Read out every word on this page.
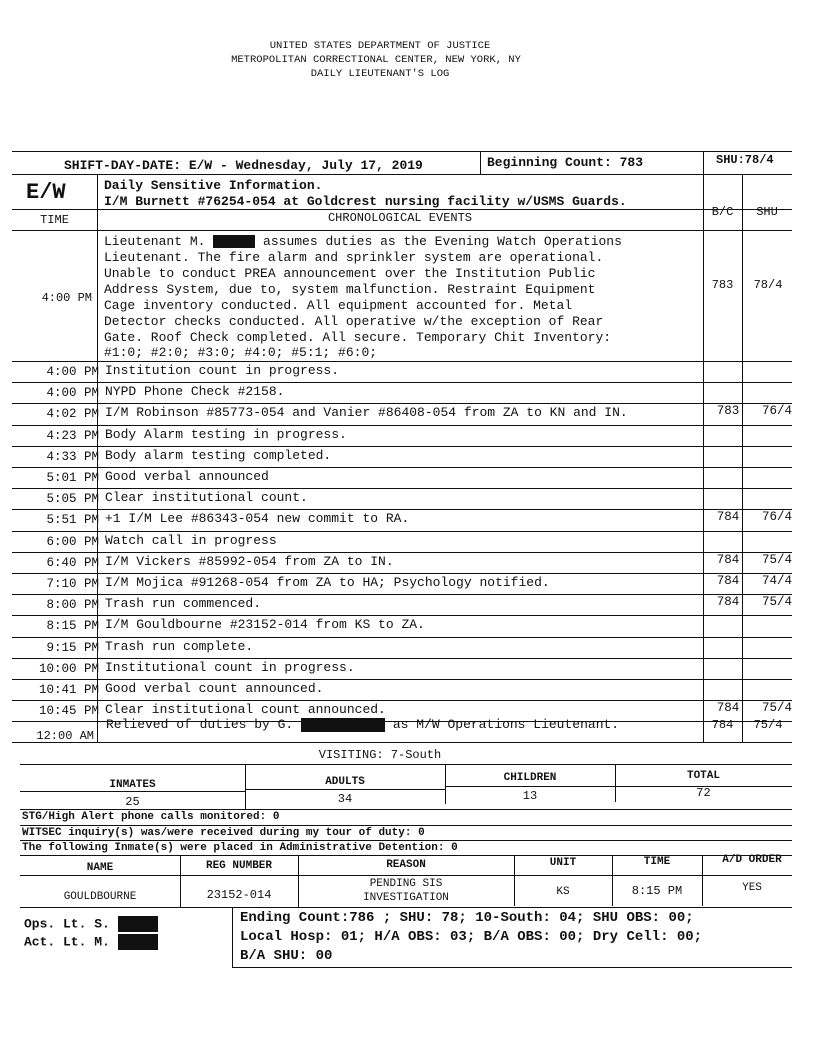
UNITED STATES DEPARTMENT OF JUSTICE
METROPOLITAN CORRECTIONAL CENTER, NEW YORK, NY
DAILY LIEUTENANT'S LOG
SHIFT-DAY-DATE: E/W - Wednesday, July 17, 2019	Beginning Count: 783	SHU:78/4
E/W	Daily Sensitive Information.
I/M Burnett #76254-054 at Goldcrest nursing facility w/USMS Guards.
TIME	CHRONOLOGICAL EVENTS	B/C	SHU
4:00 PM
Lieutenant M.	assumes duties as the Evening Watch Operations
Lieutenant. The fire alarm and sprinkler system are operational.
Unable to conduct PREA announcement over the Institution Public
Address System, due to, system malfunction. Restraint Equipment
Cage inventory conducted. All equipment accounted for. Metal
Detector checks conducted. All operative w/the exception of Rear
Gate. Roof Check completed. All secure. Temporary Chit Inventory:
#1:0; #2:0; #3:0; #4:0; #5:1; #6:0;
783	78/4
4:00 PM Institution count in progress.
4:00 PM NYPD Phone Check #2158.
4:02 PM I/M Robinson #85773-054 and Vanier #86408-054 from ZA to KN and IN.	783	76/4
4:23 PM Body Alarm testing in progress.
4:33 PM Body alarm testing completed.
5:01 PM Good verbal announced
5:05 PM Clear institutional count.
5:51 PM +1 I/M Lee #86343-054 new commit to RA.	784	76/4
6:00 PM Watch call in progress
6:40 PM I/M Vickers #85992-054 from ZA to IN.	784	75/4
7:10 PM I/M Mojica #91268-054 from ZA to HA; Psychology notified.	784	74/4
8:00 PM Trash run commenced.	784	75/4
8:15 PM I/M Gouldbourne #23152-014 from KS to ZA.
9:15 PM Trash run complete.
10:00 PM Institutional count in progress.
10:41 PM Good verbal count announced.
10:45 PM Clear institutional count announced.	784	75/4
12:00 AM
Relieved of duties by G.	as M/W Operations Lieutenant.	784	75/4
VISITING: 7-South
INMATES	ADULTS	CHILDREN	TOTAL
25	34	13	72
STG/High Alert phone calls monitored: 0
WITSEC inquiry(s) was/were received during my tour of duty: 0
The following Inmate(s) were placed in Administrative Detention: 0
NAME	REG NUMBER	REASON	UNIT	TIME	A/D ORDER
GOULDBOURNE	23152-014
PENDING SIS
INVESTIGATION	KS	8:15 PM	YES
Ops. Lt. S.
Act. Lt. M.
Ending Count:786 ; SHU: 78; 10-South: 04; SHU OBS: 00;
Local Hosp: 01; H/A OBS: 03; B/A OBS: 00; Dry Cell: 00;
B/A SHU: 00
